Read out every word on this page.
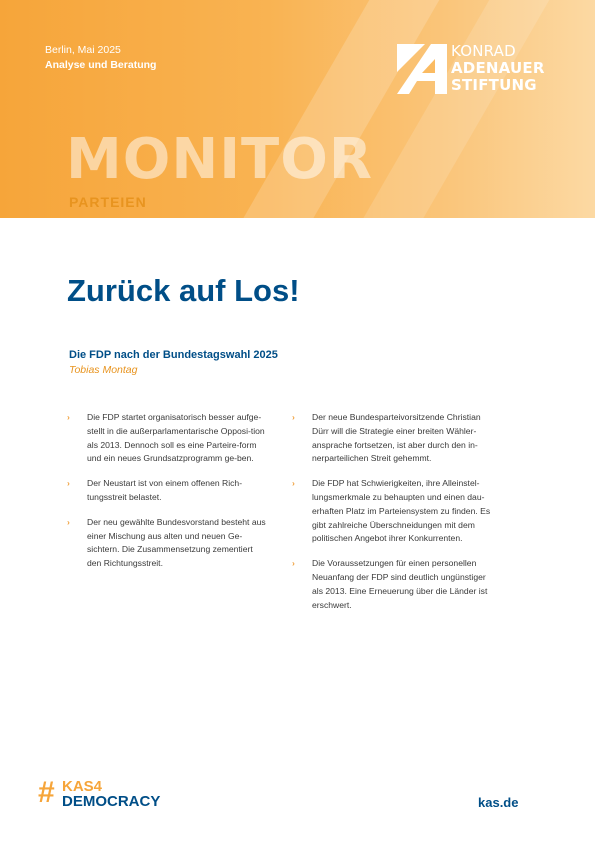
Berlin, Mai 2025
Analyse und Beratung
KONRAD
ADENAUER
STIFTUNG
MONITOR
PARTEIEN
Zurück auf Los!
Die FDP nach der Bundestagswahl 2025
Tobias Montag
› Die FDP startet organisatorisch besser aufge-stellt in die außerparlamentarische Opposi-tion als 2013. Dennoch soll es eine Parteire-form und ein neues Grundsatzprogramm ge-ben.
› Der Neustart ist von einem offenen Rich-tungsstreit belastet.
› Der neu gewählte Bundesvorstand besteht aus einer Mischung aus alten und neuen Ge-sichtern. Die Zusammensetzung zementiert den Richtungsstreit.
› Der neue Bundesparteivorsitzende Christian Dürr will die Strategie einer breiten Wähler-ansprache fortsetzen, ist aber durch den in-nerparteilichen Streit gehemmt.
› Die FDP hat Schwierigkeiten, ihre Alleinstel-lungsmerkmale zu behaupten und einen dau-erhaften Platz im Parteiensystem zu finden. Es gibt zahlreiche Überschneidungen mit dem politischen Angebot ihrer Konkurrenten.
› Die Voraussetzungen für einen personellen Neuanfang der FDP sind deutlich ungünstiger als 2013. Eine Erneuerung über die Länder ist erschwert.
# KAS4
DEMOCRACY	kas.de
